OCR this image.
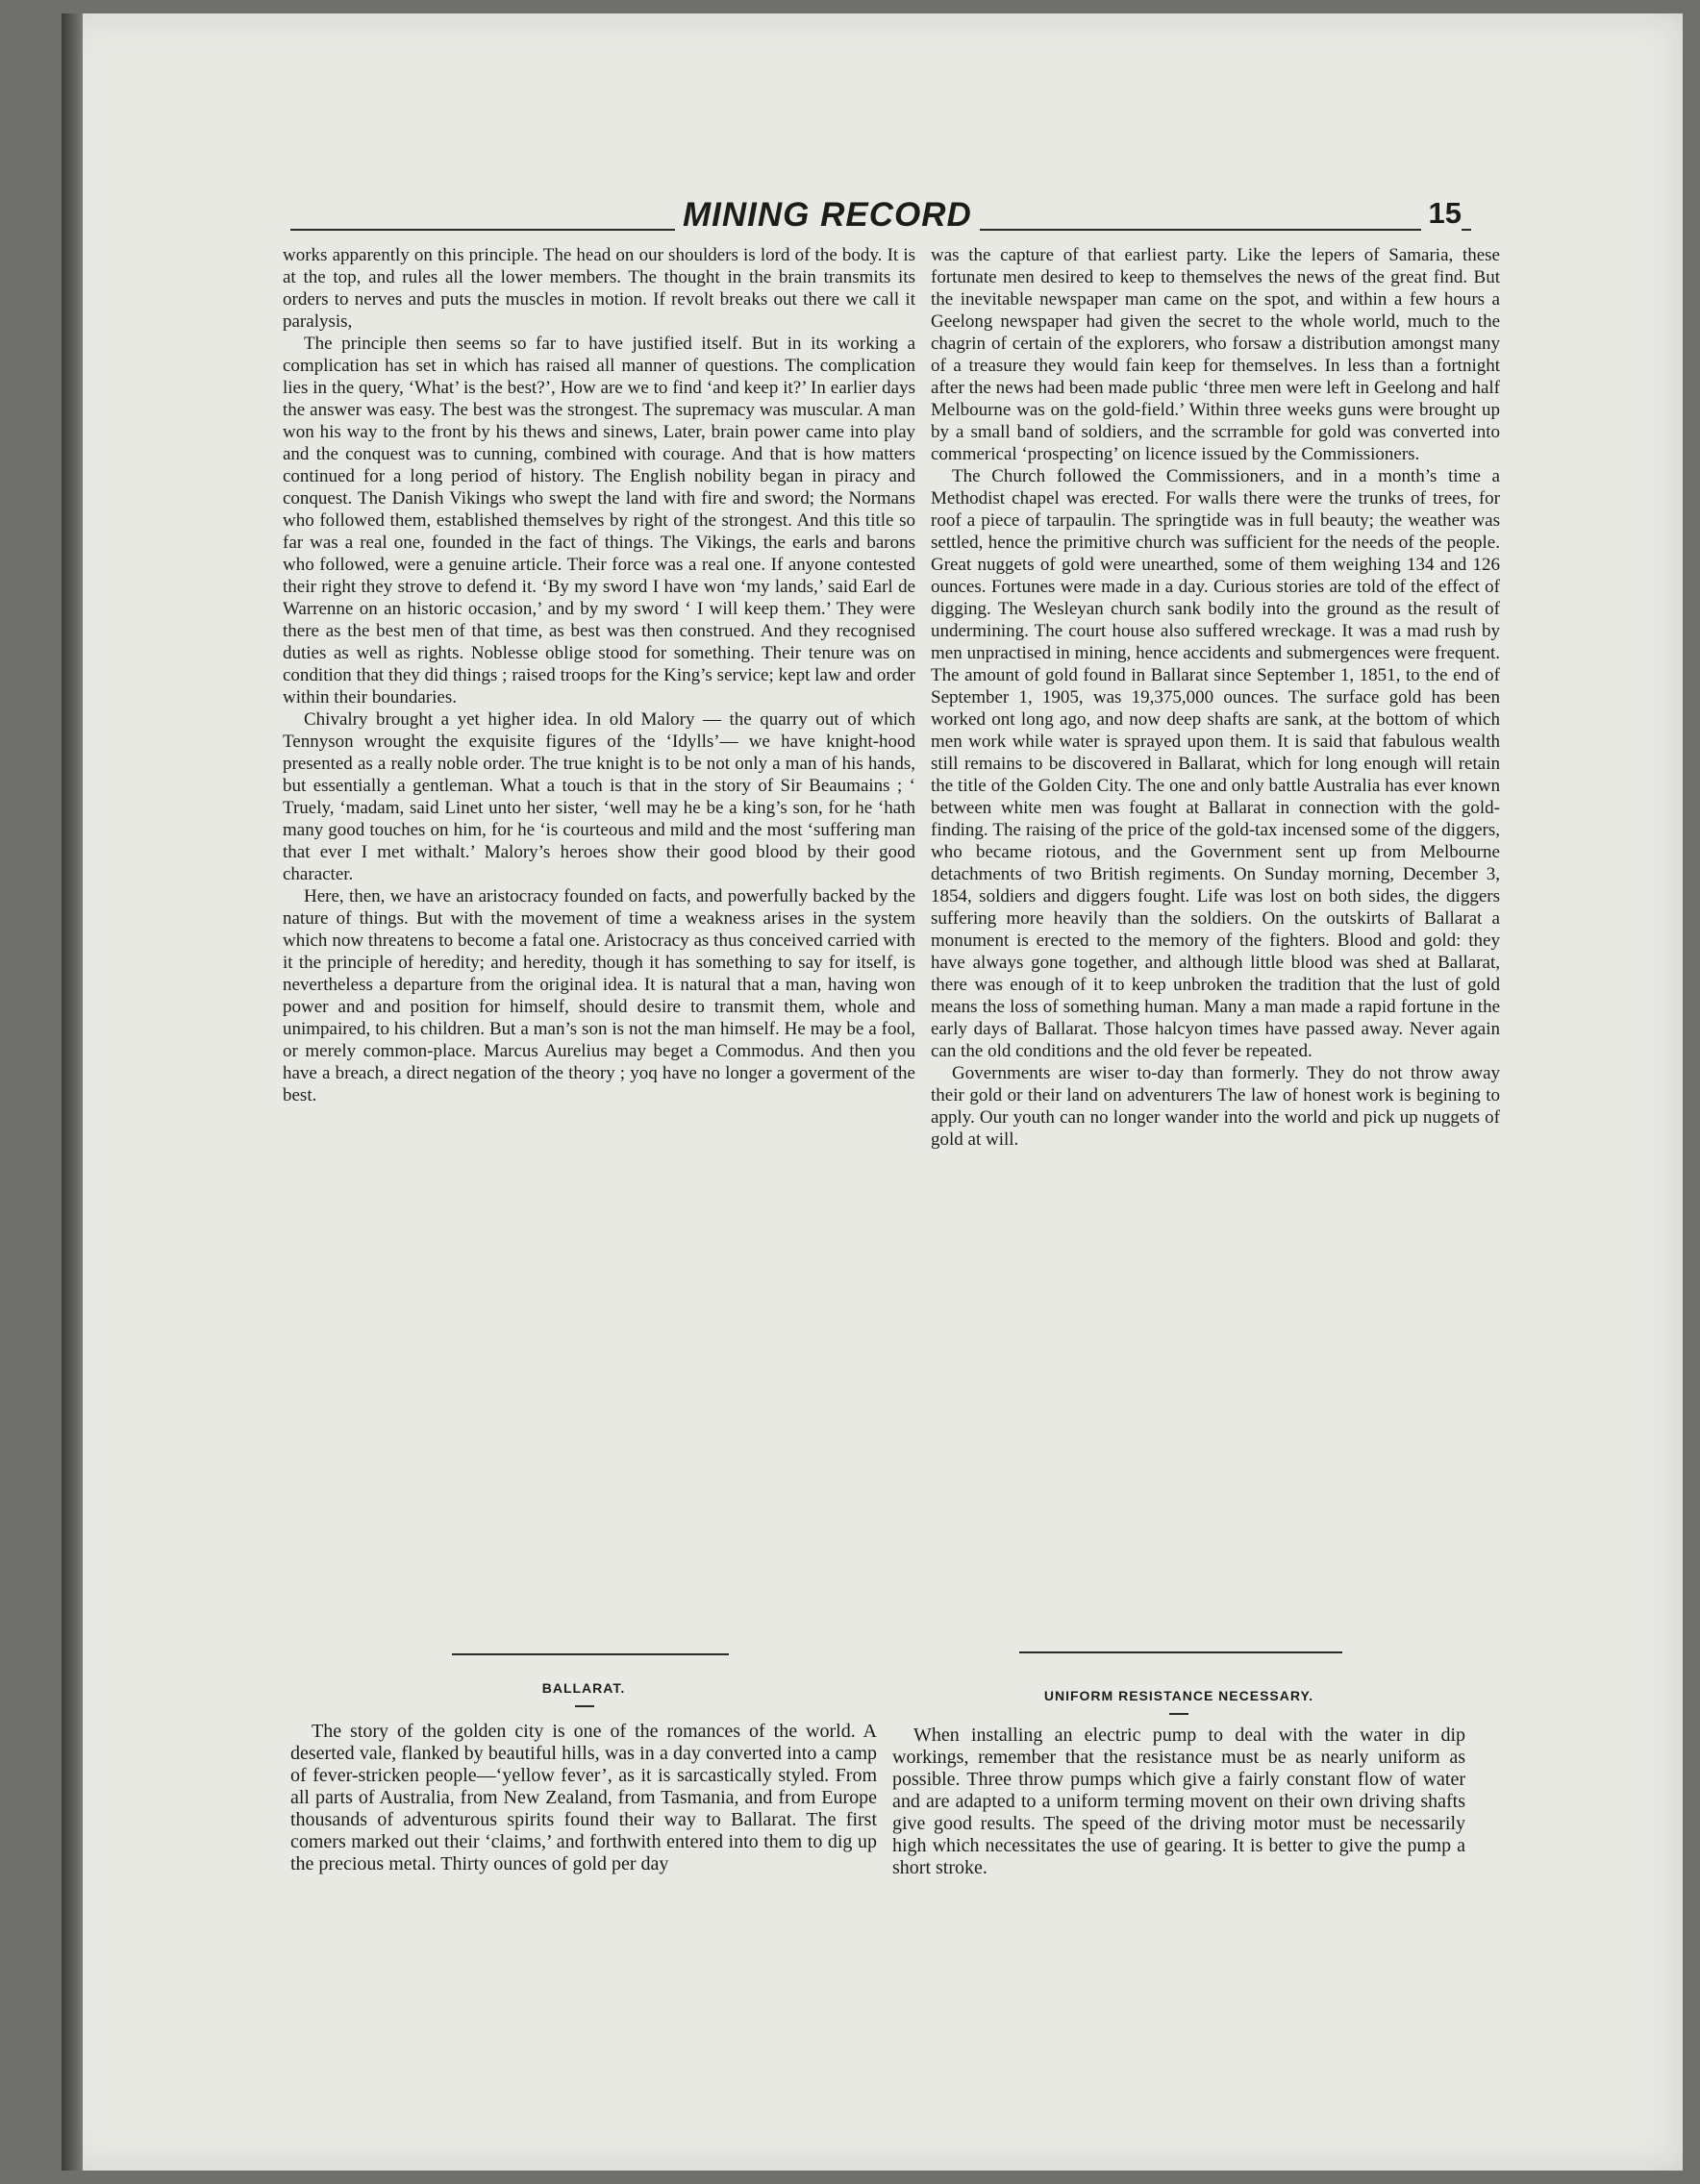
MINING RECORD	15

works apparently on this principle. The head on our shoulders is lord of the body. It is at the top, and rules all the lower members. The thought in the brain transmits its orders to nerves and puts the muscles in motion. If revolt breaks out there we call it paralysis,

The principle then seems so far to have justified itself. But in its working a complication has set in which has raised all manner of questions. The complication lies in the query, ‘What’ is the best?’, How are we to find ‘and keep it?’ In earlier days the answer was easy. The best was the strongest. The supremacy was muscular. A man won his way to the front by his thews and sinews, Later, brain power came into play and the conquest was to cunning, combined with courage. And that is how matters continued for a long period of history. The English nobility began in piracy and conquest. The Danish Vikings who swept the land with fire and sword; the Normans who followed them, established themselves by right of the strongest. And this title so far was a real one, founded in the fact of things. The Vikings, the earls and barons who followed, were a genuine article. Their force was a real one. If anyone contested their right they strove to defend it. ‘By my sword I have won ‘my lands,’ said Earl de Warrenne on an historic occasion,’ and by my sword ‘ I will keep them.’ They were there as the best men of that time, as best was then construed. And they recognised duties as well as rights. Noblesse oblige stood for something. Their tenure was on condition that they did things ; raised troops for the King’s service; kept law and order within their boundaries.

Chivalry brought a yet higher idea. In old Malory — the quarry out of which Tennyson wrought the exquisite figures of the ‘Idylls’— we have knight-hood presented as a really noble order. The true knight is to be not only a man of his hands, but essentially a gentleman. What a touch is that in the story of Sir Beaumains ; ‘ Truely, ‘madam, said Linet unto her sister, ‘well may he be a king’s son, for he ‘hath many good touches on him, for he ‘is courteous and mild and the most ‘suffering man that ever I met withalt.’ Malory’s heroes show their good blood by their good character.

Here, then, we have an aristocracy founded on facts, and powerfully backed by the nature of things. But with the movement of time a weakness arises in the system which now threatens to become a fatal one. Aristocracy as thus conceived carried with it the principle of heredity; and heredity, though it has something to say for itself, is nevertheless a departure from the original idea. It is natural that a man, having won power and and position for himself, should desire to transmit them, whole and unimpaired, to his children. But a man’s son is not the man himself. He may be a fool, or merely common-place. Marcus Aurelius may beget a Commodus. And then you have a breach, a direct negation of the theory ; yoq have no longer a goverment of the best.

was the capture of that earliest party. Like the lepers of Samaria, these fortunate men desired to keep to themselves the news of the great find. But the inevitable newspaper man came on the spot, and within a few hours a Geelong newspaper had given the secret to the whole world, much to the chagrin of certain of the explorers, who forsaw a distribution amongst many of a treasure they would fain keep for themselves. In less than a fortnight after the news had been made public ‘three men were left in Geelong and half Melbourne was on the gold-field.’ Within three weeks guns were brought up by a small band of soldiers, and the scrramble for gold was converted into commerical ‘prospecting’ on licence issued by the Commissioners.

The Church followed the Commissioners, and in a month’s time a Methodist chapel was erected. For walls there were the trunks of trees, for roof a piece of tarpaulin. The springtide was in full beauty; the weather was settled, hence the primitive church was sufficient for the needs of the people. Great nuggets of gold were unearthed, some of them weighing 134 and 126 ounces. Fortunes were made in a day. Curious stories are told of the effect of digging. The Wesleyan church sank bodily into the ground as the result of undermining. The court house also suffered wreckage. It was a mad rush by men unpractised in mining, hence accidents and submergences were frequent. The amount of gold found in Ballarat since September 1, 1851, to the end of September 1, 1905, was 19,375,000 ounces. The surface gold has been worked ont long ago, and now deep shafts are sank, at the bottom of which men work while water is sprayed upon them. It is said that fabulous wealth still remains to be discovered in Ballarat, which for long enough will retain the title of the Golden City. The one and only battle Australia has ever known between white men was fought at Ballarat in connection with the gold-finding. The raising of the price of the gold-tax incensed some of the diggers, who became riotous, and the Government sent up from Melbourne detachments of two British regiments. On Sunday morning, December 3, 1854, soldiers and diggers fought. Life was lost on both sides, the diggers suffering more heavily than the soldiers. On the outskirts of Ballarat a monument is erected to the memory of the fighters. Blood and gold: they have always gone together, and although little blood was shed at Ballarat, there was enough of it to keep unbroken the tradition that the lust of gold means the loss of something human. Many a man made a rapid fortune in the early days of Ballarat. Those halcyon times have passed away. Never again can the old conditions and the old fever be repeated.

Governments are wiser to-day than formerly. They do not throw away their gold or their land on adventurers The law of honest work is begining to apply. Our youth can no longer wander into the world and pick up nuggets of gold at will.

BALLARAT.	UNIFORM RESISTANCE NECESSARY.

The story of the golden city is one of the romances of the world. A deserted vale, flanked by beautiful hills, was in a day converted into a camp of fever-stricken people—‘yellow fever’, as it is sarcastically styled. From all parts of Australia, from New Zealand, from Tasmania, and from Europe thousands of adventurous spirits found their way to Ballarat. The first comers marked out their ‘claims,’ and forthwith entered into them to dig up the precious metal. Thirty ounces of gold per day

When installing an electric pump to deal with the water in dip workings, remember that the resistance must be as nearly uniform as possible. Three throw pumps which give a fairly constant flow of water and are adapted to a uniform terming movent on their own driving shafts give good results. The speed of the driving motor must be necessarily high which necessitates the use of gearing. It is better to give the pump a short stroke.
